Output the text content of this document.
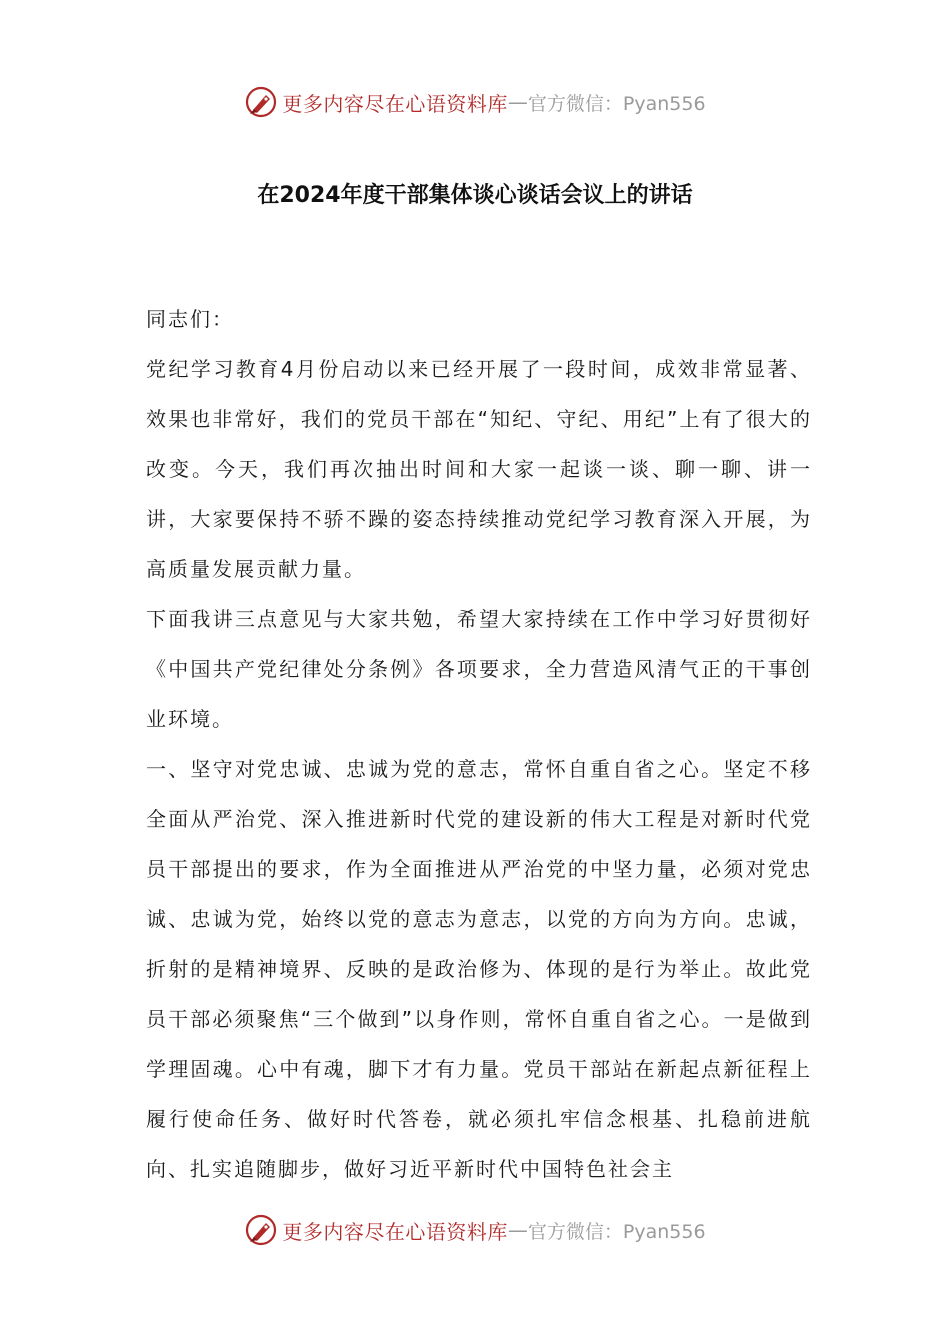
更多内容尽在心语资料库 — 官方微信：Pyan556
在2024年度干部集体谈心谈话会议上的讲话

同志们：

党纪学习教育4月份启动以来已经开展了一段时间，成效非常显著、效果也非常好，我们的党员干部在“知纪、守纪、用纪”上有了很大的改变。今天，我们再次抽出时间和大家一起谈一谈、聊一聊、讲一讲，大家要保持不骄不躁的姿态持续推动党纪学习教育深入开展，为高质量发展贡献力量。

下面我讲三点意见与大家共勉，希望大家持续在工作中学习好贯彻好《中国共产党纪律处分条例》各项要求，全力营造风清气正的干事创业环境。

一、坚守对党忠诚、忠诚为党的意志，常怀自重自省之心。坚定不移全面从严治党、深入推进新时代党的建设新的伟大工程是对新时代党员干部提出的要求，作为全面推进从严治党的中坚力量，必须对党忠诚、忠诚为党，始终以党的意志为意志，以党的方向为方向。忠诚，折射的是精神境界、反映的是政治修为、体现的是行为举止。故此党员干部必须聚焦“三个做到”以身作则，常怀自重自省之心。一是做到学理固魂。心中有魂，脚下才有力量。党员干部站在新起点新征程上履行使命任务、做好时代答卷，就必须扎牢信念根基、扎稳前进航向、扎实追随脚步，做好习近平新时代中国特色社会主

更多内容尽在心语资料库 — 官方微信：Pyan556
